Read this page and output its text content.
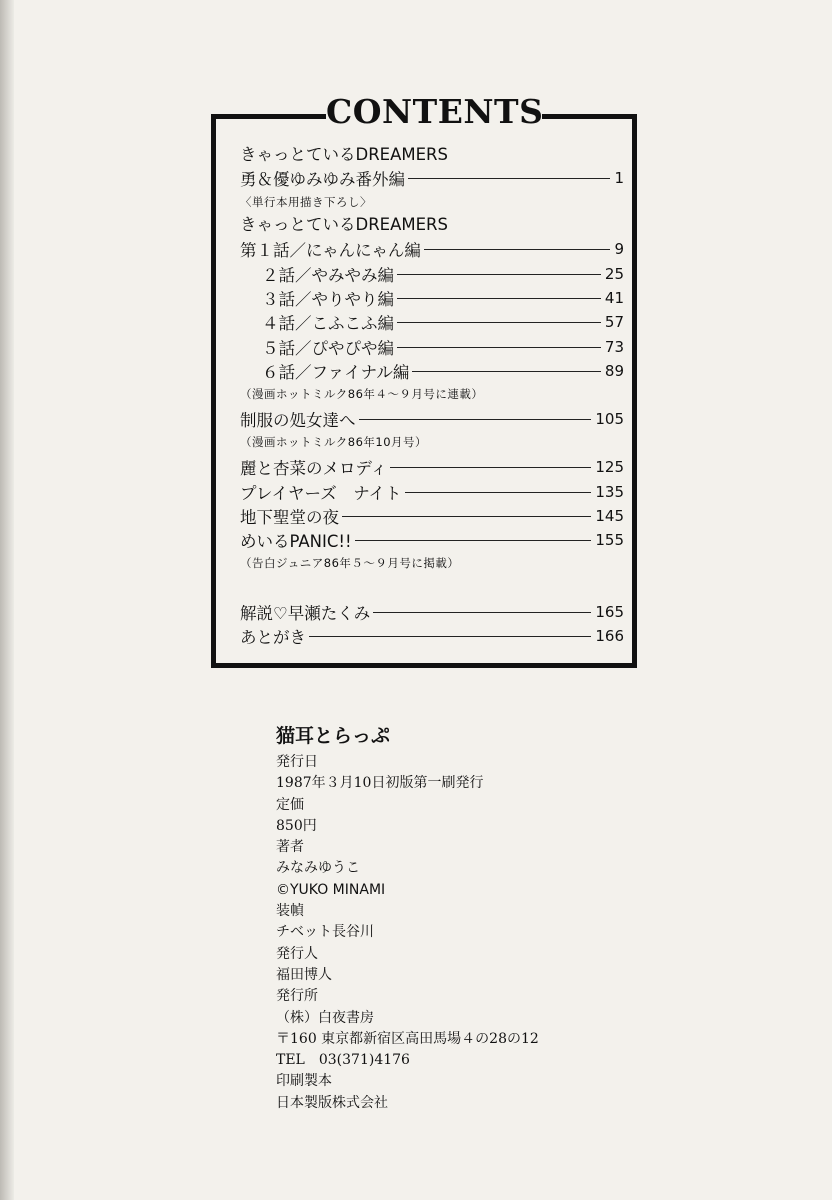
CONTENTS
きゃっとているDREAMERS
勇＆優ゆみゆみ番外編	1
〈単行本用描き下ろし〉
きゃっとているDREAMERS
第１話／にゃんにゃん編	9
２話／やみやみ編	25
３話／やりやり編	41
４話／こふこふ編	57
５話／ぴやぴや編	73
６話／ファイナル編	89
（漫画ホットミルク86年４～９月号に連載）
制服の処女達へ	105
（漫画ホットミルク86年10月号）
麗と杏菜のメロディ	125
プレイヤーズ　ナイト	135
地下聖堂の夜	145
めいるPANIC!!	155
（告白ジュニア86年５～９月号に掲載）
解説♡早瀬たくみ	165
あとがき	166
猫耳とらっぷ
発行日
1987年３月10日初版第一刷発行
定価
850円
著者
みなみゆうこ
©YUKO MINAMI
装幀
チベット長谷川
発行人
福田博人
発行所
（株）白夜書房
〒160 東京都新宿区高田馬場４の28の12
TEL　03(371)4176
印刷製本
日本製版株式会社
